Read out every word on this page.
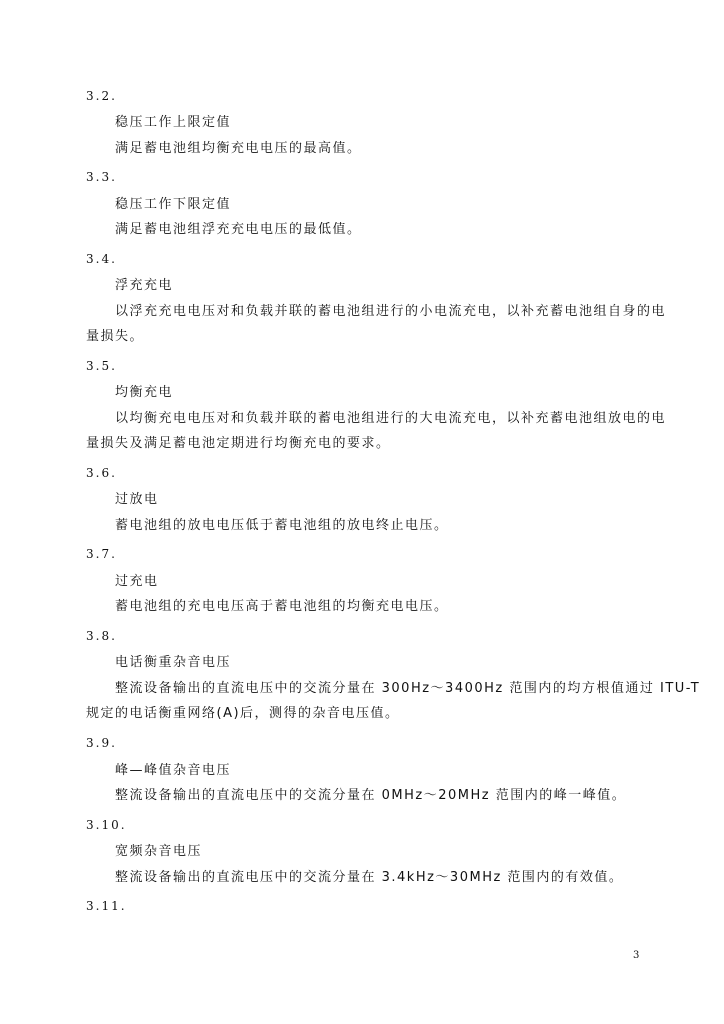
3.2.
稳压工作上限定值
满足蓄电池组均衡充电电压的最高值。
3.3.
稳压工作下限定值
满足蓄电池组浮充充电电压的最低值。
3.4.
浮充充电
以浮充充电电压对和负载并联的蓄电池组进行的小电流充电，以补充蓄电池组自身的电
量损失。
3.5.
均衡充电
以均衡充电电压对和负载并联的蓄电池组进行的大电流充电，以补充蓄电池组放电的电
量损失及满足蓄电池定期进行均衡充电的要求。
3.6.
过放电
蓄电池组的放电电压低于蓄电池组的放电终止电压。
3.7.
过充电
蓄电池组的充电电压高于蓄电池组的均衡充电电压。
3.8.
电话衡重杂音电压
整流设备输出的直流电压中的交流分量在 300Hz～3400Hz 范围内的均方根值通过 ITU-T
规定的电话衡重网络(A)后，测得的杂音电压值。
3.9.
峰—峰值杂音电压
整流设备输出的直流电压中的交流分量在 0MHz～20MHz 范围内的峰一峰值。
3.10.
宽频杂音电压
整流设备输出的直流电压中的交流分量在 3.4kHz～30MHz 范围内的有效值。
3.11.
3
